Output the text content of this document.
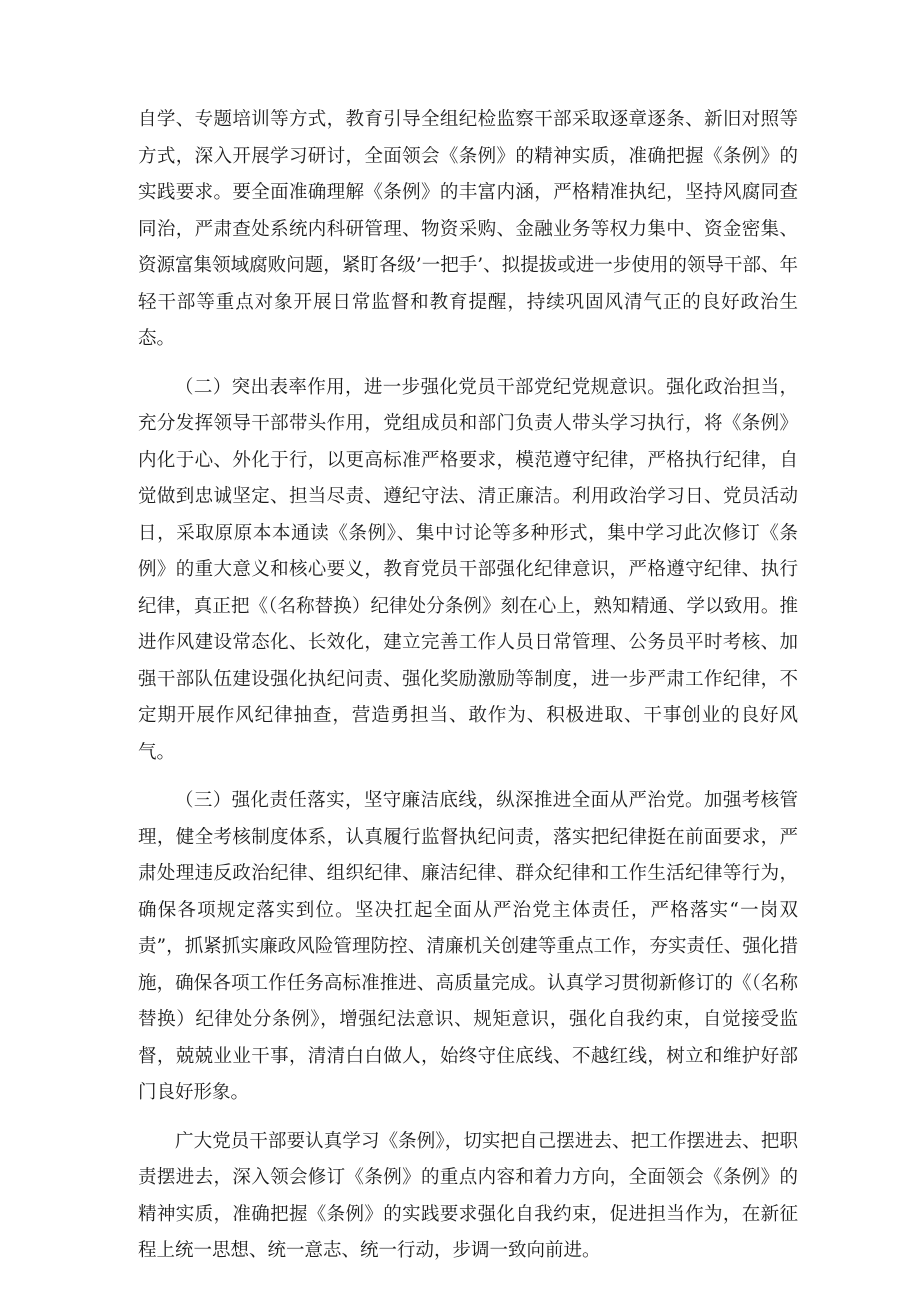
自学、专题培训等方式，教育引导全组纪检监察干部采取逐章逐条、新旧对照等方式，深入开展学习研讨，全面领会《条例》的精神实质，准确把握《条例》的实践要求。要全面准确理解《条例》的丰富内涵，严格精准执纪，坚持风腐同查同治，严肃查处系统内科研管理、物资采购、金融业务等权力集中、资金密集、资源富集领域腐败问题，紧盯各级’一把手’、拟提拔或进一步使用的领导干部、年轻干部等重点对象开展日常监督和教育提醒，持续巩固风清气正的良好政治生态。

（二）突出表率作用，进一步强化党员干部党纪党规意识。强化政治担当，充分发挥领导干部带头作用，党组成员和部门负责人带头学习执行，将《条例》内化于心、外化于行，以更高标准严格要求，模范遵守纪律，严格执行纪律，自觉做到忠诚坚定、担当尽责、遵纪守法、清正廉洁。利用政治学习日、党员活动日，采取原原本本通读《条例》、集中讨论等多种形式，集中学习此次修订《条例》的重大意义和核心要义，教育党员干部强化纪律意识，严格遵守纪律、执行纪律，真正把《（名称替换）纪律处分条例》刻在心上，熟知精通、学以致用。推进作风建设常态化、长效化，建立完善工作人员日常管理、公务员平时考核、加强干部队伍建设强化执纪问责、强化奖励激励等制度，进一步严肃工作纪律，不定期开展作风纪律抽查，营造勇担当、敢作为、积极进取、干事创业的良好风气。

（三）强化责任落实，坚守廉洁底线，纵深推进全面从严治党。加强考核管理，健全考核制度体系，认真履行监督执纪问责，落实把纪律挺在前面要求，严肃处理违反政治纪律、组织纪律、廉洁纪律、群众纪律和工作生活纪律等行为，确保各项规定落实到位。坚决扛起全面从严治党主体责任，严格落实“一岗双责”，抓紧抓实廉政风险管理防控、清廉机关创建等重点工作，夯实责任、强化措施，确保各项工作任务高标准推进、高质量完成。认真学习贯彻新修订的《（名称替换）纪律处分条例》，增强纪法意识、规矩意识，强化自我约束，自觉接受监督，兢兢业业干事，清清白白做人，始终守住底线、不越红线，树立和维护好部门良好形象。

广大党员干部要认真学习《条例》，切实把自己摆进去、把工作摆进去、把职责摆进去，深入领会修订《条例》的重点内容和着力方向，全面领会《条例》的精神实质，准确把握《条例》的实践要求强化自我约束，促进担当作为，在新征程上统一思想、统一意志、统一行动，步调一致向前进。
